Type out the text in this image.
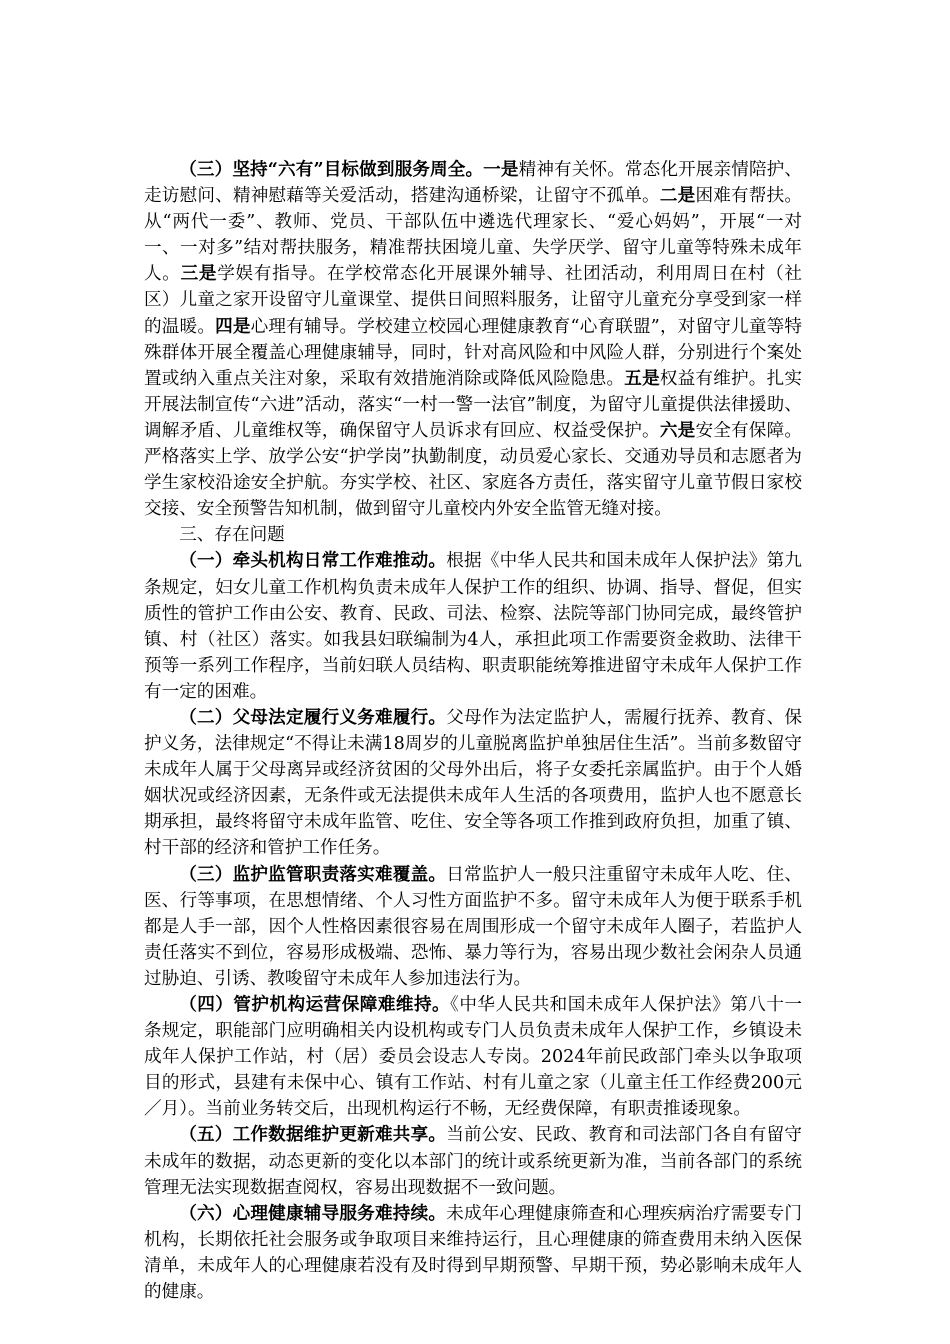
（三）坚持“六有”目标做到服务周全。一是精神有关怀。常态化开展亲情陪护、走访慰问、精神慰藉等关爱活动，搭建沟通桥梁，让留守不孤单。二是困难有帮扶。从“两代一委”、教师、党员、干部队伍中遴选代理家长、“爱心妈妈”，开展“一对一、一对多”结对帮扶服务，精准帮扶困境儿童、失学厌学、留守儿童等特殊未成年人。三是学娱有指导。在学校常态化开展课外辅导、社团活动，利用周日在村（社区）儿童之家开设留守儿童课堂、提供日间照料服务，让留守儿童充分享受到家一样的温暖。四是心理有辅导。学校建立校园心理健康教育“心育联盟”，对留守儿童等特殊群体开展全覆盖心理健康辅导，同时，针对高风险和中风险人群，分别进行个案处置或纳入重点关注对象，采取有效措施消除或降低风险隐患。五是权益有维护。扎实开展法制宣传“六进”活动，落实“一村一警一法官”制度，为留守儿童提供法律援助、调解矛盾、儿童维权等，确保留守人员诉求有回应、权益受保护。六是安全有保障。严格落实上学、放学公安“护学岗”执勤制度，动员爱心家长、交通劝导员和志愿者为学生家校沿途安全护航。夯实学校、社区、家庭各方责任，落实留守儿童节假日家校交接、安全预警告知机制，做到留守儿童校内外安全监管无缝对接。

三、存在问题

（一）牵头机构日常工作难推动。根据《中华人民共和国未成年人保护法》第九条规定，妇女儿童工作机构负责未成年人保护工作的组织、协调、指导、督促，但实质性的管护工作由公安、教育、民政、司法、检察、法院等部门协同完成，最终管护镇、村（社区）落实。如我县妇联编制为4人，承担此项工作需要资金救助、法律干预等一系列工作程序，当前妇联人员结构、职责职能统筹推进留守未成年人保护工作有一定的困难。

（二）父母法定履行义务难履行。父母作为法定监护人，需履行抚养、教育、保护义务，法律规定“不得让未满18周岁的儿童脱离监护单独居住生活”。当前多数留守未成年人属于父母离异或经济贫困的父母外出后，将子女委托亲属监护。由于个人婚姻状况或经济因素，无条件或无法提供未成年人生活的各项费用，监护人也不愿意长期承担，最终将留守未成年监管、吃住、安全等各项工作推到政府负担，加重了镇、村干部的经济和管护工作任务。

（三）监护监管职责落实难覆盖。日常监护人一般只注重留守未成年人吃、住、医、行等事项，在思想情绪、个人习性方面监护不多。留守未成年人为便于联系手机都是人手一部，因个人性格因素很容易在周围形成一个留守未成年人圈子，若监护人责任落实不到位，容易形成极端、恐怖、暴力等行为，容易出现少数社会闲杂人员通过胁迫、引诱、教唆留守未成年人参加违法行为。

（四）管护机构运营保障难维持。《中华人民共和国未成年人保护法》第八十一条规定，职能部门应明确相关内设机构或专门人员负责未成年人保护工作，乡镇设未成年人保护工作站，村（居）委员会设志人专岗。2024年前民政部门牵头以争取项目的形式，县建有未保中心、镇有工作站、村有儿童之家（儿童主任工作经费200元／月）。当前业务转交后，出现机构运行不畅，无经费保障，有职责推诿现象。

（五）工作数据维护更新难共享。当前公安、民政、教育和司法部门各自有留守未成年的数据，动态更新的变化以本部门的统计或系统更新为准，当前各部门的系统管理无法实现数据查阅权，容易出现数据不一致问题。

（六）心理健康辅导服务难持续。未成年心理健康筛查和心理疾病治疗需要专门机构，长期依托社会服务或争取项目来维持运行，且心理健康的筛查费用未纳入医保清单，未成年人的心理健康若没有及时得到早期预警、早期干预，势必影响未成年人的健康。
